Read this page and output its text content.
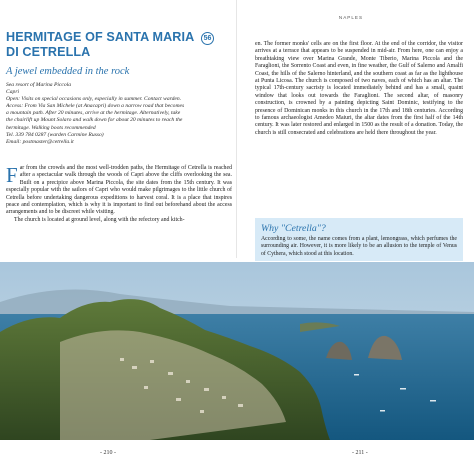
HERMITAGE OF SANTA MARIA DI CETRELLA
56
A jewel embedded in the rock
Sea resort of Marina Piccola
Capri
Open: Visits on special occasions only, especially in summer. Contact warden.
Access: From Via San Michele (at Anacapri) down a narrow road that becomes
a mountain path. After 20 minutes, arrive at the hermitage. Alternatively, take
the chairlift up Mount Solaro and walk down for about 20 minutes to reach the
hermitage. Walking boots recommended
Tel. 339 784 0287 (warden Carmine Russo)
Email: postmaster@cetrella.it

Far from the crowds and the most well-trodden paths, the Hermitage of Cetrella is reached after a spectacular walk through the woods of Capri above the cliffs overlooking the sea. Built on a precipice above Marina Piccola, the site dates from the 15th century. It was especially popular with the sailors of Capri who would make pilgrimages to the little church of Cetrella before undertaking dangerous expeditions to harvest coral. It is a place that inspires peace and contemplation, which is why it is important to find out beforehand about the access arrangements and to be discreet while visiting.

The church is located at ground level, along with the refectory and kitch-

NAPLES

en. The former monks' cells are on the first floor. At the end of the corridor, the visitor arrives at a terrace that appears to be suspended in mid-air. From here, one can enjoy a breathtaking view over Marina Grande, Monte Tiberio, Marina Piccola and the Faraglioni, the Sorrento Coast and even, in fine weather, the Gulf of Salerno and Amalfi Coast, the hills of the Salerno hinterland, and the southern coast as far as the lighthouse at Punta Licosa. The church is composed of two naves, each of which has an altar. The typical 17th-century sacristy is located immediately behind and has a small, quaint window that looks out towards the Faraglioni. The second altar, of masonry construction, is crowned by a painting depicting Saint Dominic, testifying to the presence of Dominican monks in this church in the 17th and 18th centuries. According to famous archaeologist Amedeo Maiuri, the altar dates from the first half of the 14th century. It was later restored and enlarged in 1500 as the result of a donation. Today, the church is still consecrated and celebrations are held there throughout the year.

Why "Cetrella"?
According to some, the name comes from a plant, lemongrass, which perfumes the surrounding air. However, it is more likely to be an allusion to the temple of Venus of Cythera, which stood at this location.
- 210 -	- 211 -
